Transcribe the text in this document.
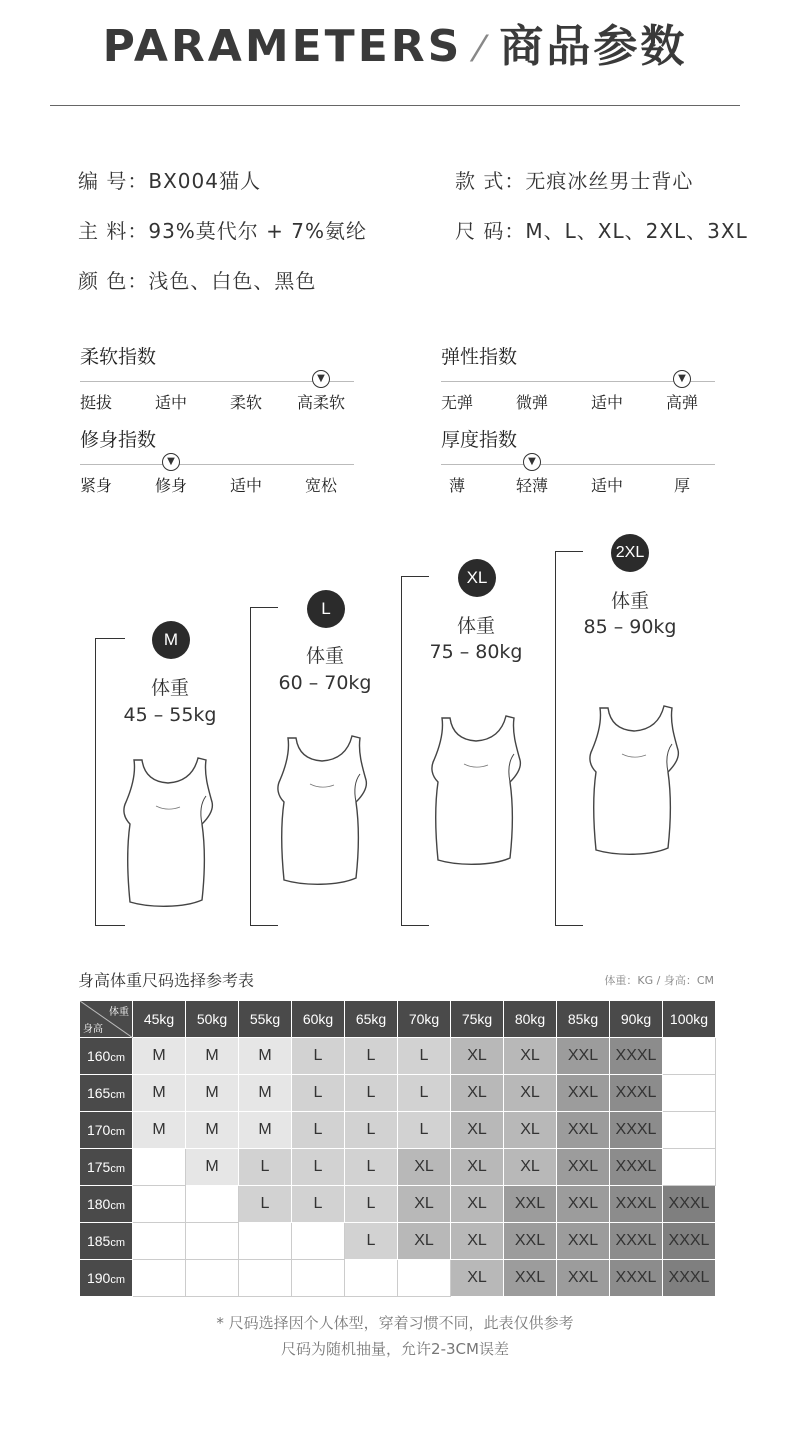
PARAMETERS ⁄ 商品参数
编 号：BX004猫人	款 式：无痕冰丝男士背心
主 料：93%莫代尔 + 7%氨纶	尺 码：M、L、XL、2XL、3XL
颜 色：浅色、白色、黑色
柔软指数	弹性指数
修身指数	厚度指数
挺拔	适中	柔软	高柔软
▼
无弹	微弹	适中	高弹
▼
紧身	修身	适中	宽松
▼
薄	轻薄	适中	厚
▼
M
体重
45 – 55kg
L
体重
60 – 70kg
XL
体重
75 – 80kg
2XL
体重
85 – 90kg
身高体重尺码选择参考表	体重：KG / 身高：CM
体重
身高	45kg	50kg	55kg	60kg	65kg	70kg	75kg	80kg	85kg	90kg	100kg
160cm	M	M	M	L	L	L	XL	XL	XXL	XXXL	
165cm	M	M	M	L	L	L	XL	XL	XXL	XXXL	
170cm	M	M	M	L	L	L	XL	XL	XXL	XXXL	
175cm		M	L	L	L	XL	XL	XL	XXL	XXXL	
180cm			L	L	L	XL	XL	XXL	XXL	XXXL	XXXL
185cm					L	XL	XL	XXL	XXL	XXXL	XXXL
190cm							XL	XXL	XXL	XXXL	XXXL
* 尺码选择因个人体型，穿着习惯不同，此表仅供参考
尺码为随机抽量，允许2-3CM误差
